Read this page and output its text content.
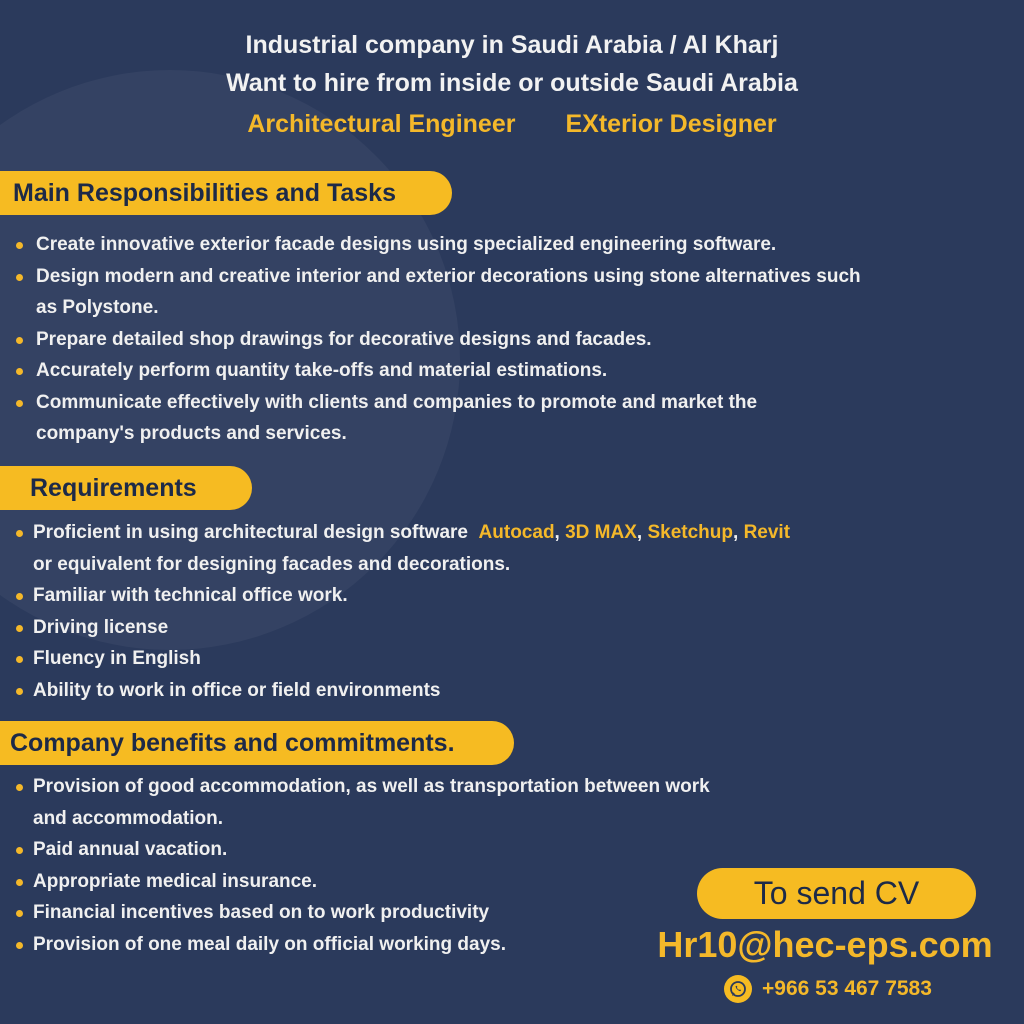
Industrial company in Saudi Arabia / Al Kharj
Want to hire from inside or outside Saudi Arabia
Architectural Engineer EXterior Designer
Main Responsibilities and Tasks
Create innovative exterior facade designs using specialized engineering software.
Design modern and creative interior and exterior decorations using stone alternatives such as Polystone.
Prepare detailed shop drawings for decorative designs and facades.
Accurately perform quantity take-offs and material estimations.
Communicate effectively with clients and companies to promote and market the company's products and services.
Requirements
Proficient in using architectural design software Autocad, 3D MAX, Sketchup, Revit
or equivalent for designing facades and decorations.
Familiar with technical office work.
Driving license
Fluency in English
Ability to work in office or field environments
Company benefits and commitments.
Provision of good accommodation, as well as transportation between work and accommodation.
Paid annual vacation.
Appropriate medical insurance.
Financial incentives based on to work productivity
Provision of one meal daily on official working days.
To send CV
Hr10@hec-eps.com
+966 53 467 7583
